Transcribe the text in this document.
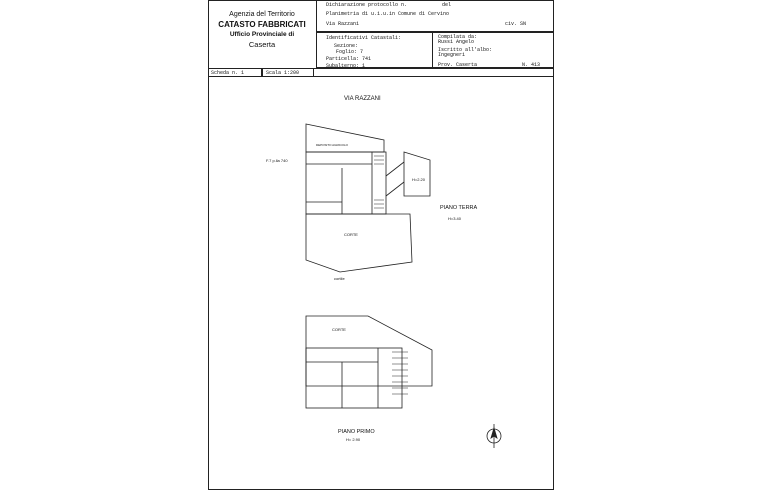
Agenzia del Territorio
CATASTO FABBRICATI
Ufficio Provinciale di
Caserta
Dichiarazione protocollo n.	del
Planimetria di u.i.u.in Comune di Cervino
Via Razzani	civ. SN
Identificativi Catastali:
Sezione:
Foglio: 7
Particella: 741
Subalterno: 1
Compilata da:
Russi Angelo
Iscritto all'albo:
Ingegneri
Prov. Caserta	N. 413
Scheda n. 1	Scala 1:200
VIA RAZZANI
DEPOSITO AGRICOLO
F.7 p.lla 740
H=2.20
PIANO TERRA
H=3.40
CORTE
cortile
CORTE
PIANO PRIMO
H= 2.90
